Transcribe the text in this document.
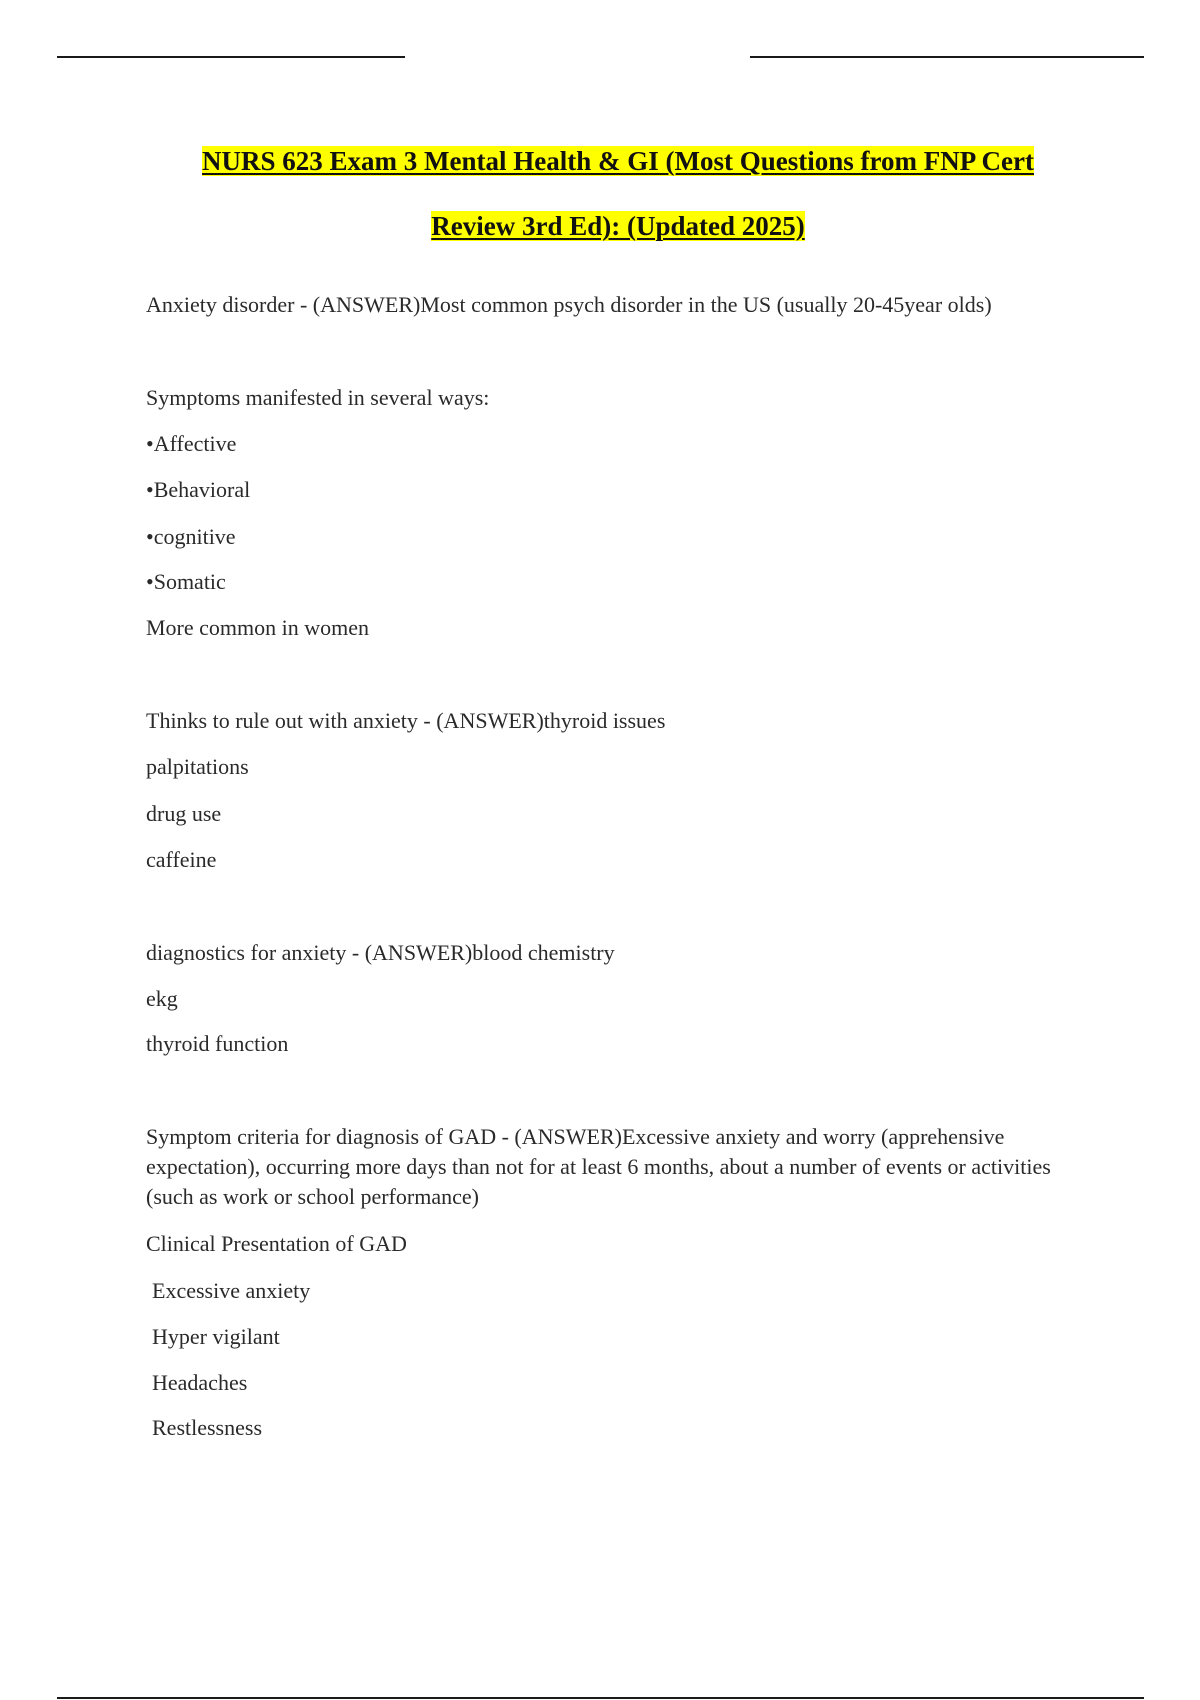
NURS 623 Exam 3 Mental Health & GI (Most Questions from FNP Cert
Review 3rd Ed): (Updated 2025)
Anxiety disorder - (ANSWER)Most common psych disorder in the US (usually 20-45year olds)
Symptoms manifested in several ways:
•Affective
•Behavioral
•cognitive
•Somatic
More common in women
Thinks to rule out with anxiety - (ANSWER)thyroid issues
palpitations
drug use
caffeine
diagnostics for anxiety - (ANSWER)blood chemistry
ekg
thyroid function
Symptom criteria for diagnosis of GAD - (ANSWER)Excessive anxiety and worry (apprehensive expectation), occurring more days than not for at least 6 months, about a number of events or activities (such as work or school performance)
Clinical Presentation of GAD
Excessive anxiety
Hyper vigilant
Headaches
Restlessness
